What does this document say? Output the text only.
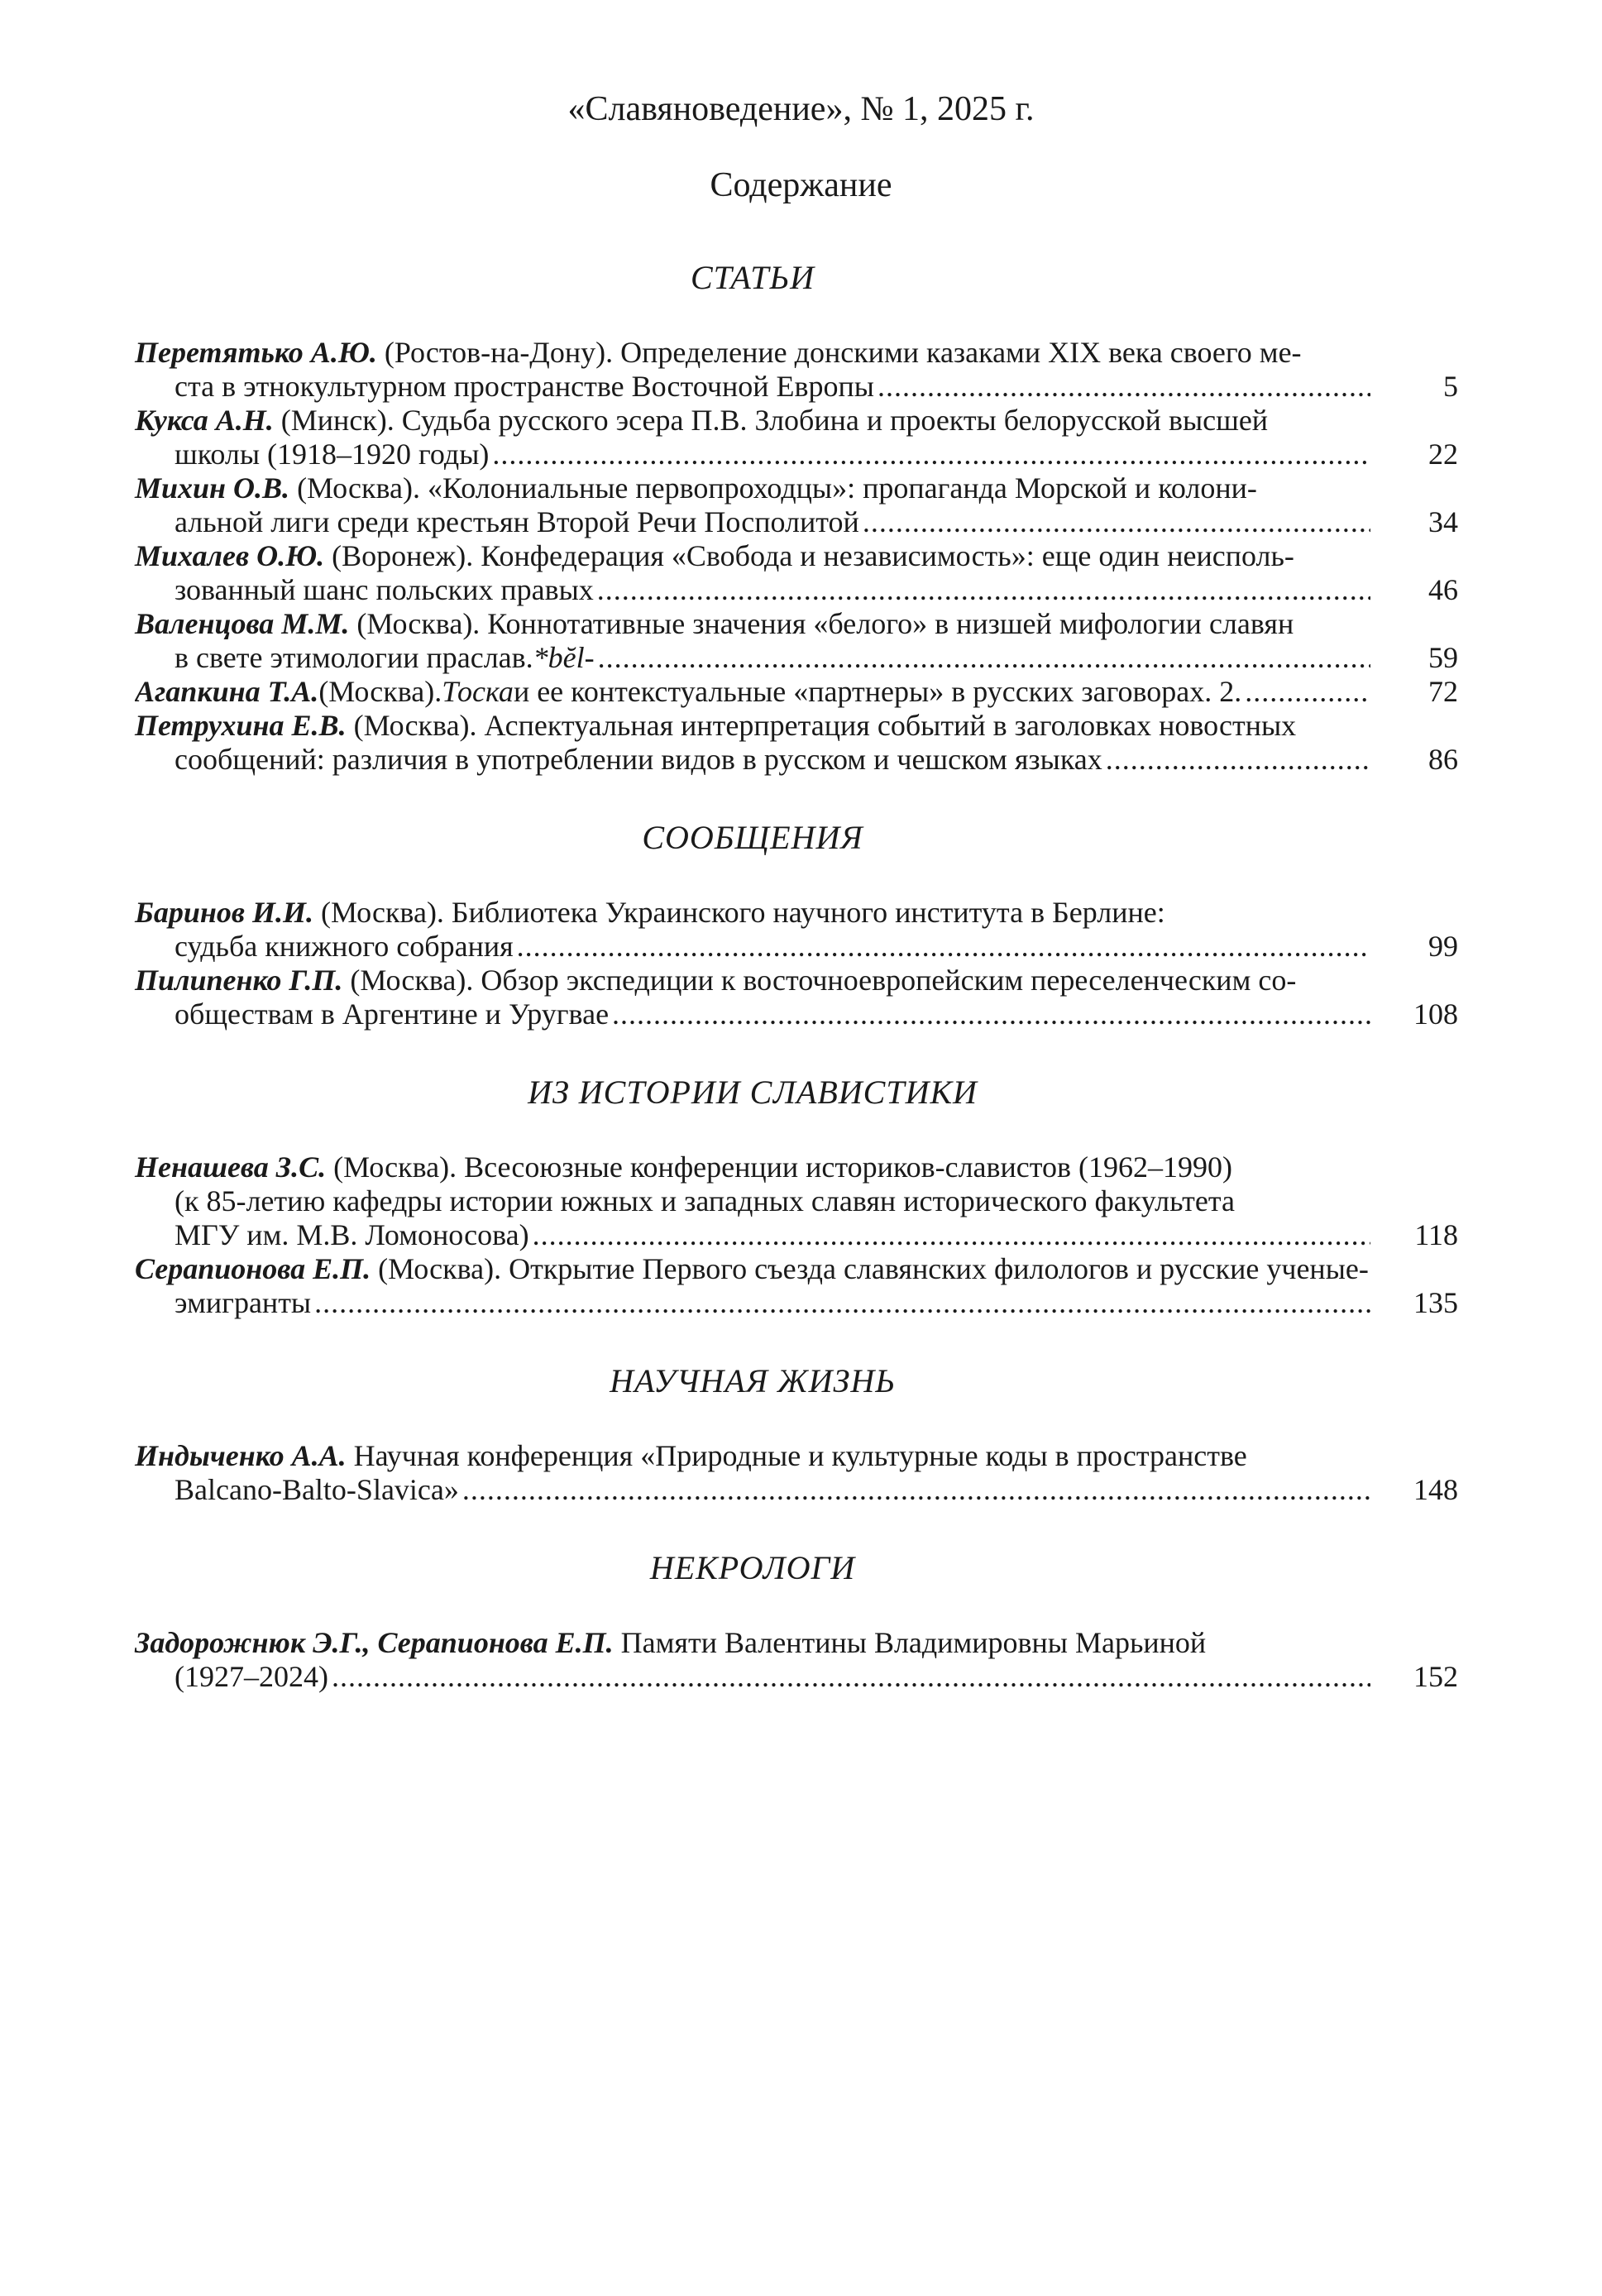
«Славяноведение», № 1, 2025 г.
Содержание
СТАТЬИ

Перетятько А.Ю. (Ростов-на-Дону). Определение донскими казаками XIX века своего ме-

ста в этнокультурном пространстве Восточной Европы . . .	5

Кукса А.Н. (Минск). Судьба русского эсера П.В. Злобина и проекты белорусской высшей

школы (1918–1920 годы) . . .	22

Михин О.В. (Москва). «Колониальные первопроходцы»: пропаганда Морской и колони-

альной лиги среди крестьян Второй Речи Посполитой . . .	34

Михалев О.Ю. (Воронеж). Конфедерация «Свобода и независимость»: еще один неисполь-

зованный шанс польских правых . . .	46

Валенцова М.М. (Москва). Коннотативные значения «белого» в низшей мифологии славян

в свете этимологии прaслав. *bĕl- . . .	59

Агапкина Т.А. (Москва). Тоска и ее контекстуальные «партнеры» в русских заговорах. 2. . . .	72

Петрухина Е.В. (Москва). Аспектуальная интерпретация событий в заголовках новостных

сообщений: различия в употреблении видов в русском и чешском языках . . .	86
СООБЩЕНИЯ

Баринов И.И. (Москва). Библиотека Украинского научного института в Берлине:

судьба книжного собрания . . .	99

Пилипенко Г.П. (Москва). Обзор экспедиции к восточноевропейским переселенческим со-

обществам в Аргентине и Уругвае . . .	108
ИЗ ИСТОРИИ СЛАВИСТИКИ

Ненашева З.С. (Москва). Всесоюзные конференции историков-славистов (1962–1990)

(к 85-летию кафедры истории южных и западных славян исторического факультета

МГУ им. М.В. Ломоносова) . . .	118

Серапионова Е.П. (Москва). Открытие Первого съезда славянских филологов и русские ученые-

эмигранты . . .	135
НАУЧНАЯ ЖИЗНЬ

Индыченко А.А. Научная конференция «Природные и культурные коды в пространстве

Balcano-Balto-Slavica» . . .	148
НЕКРОЛОГИ

Задорожнюк Э.Г., Серапионова Е.П. Памяти Валентины Владимировны Марьиной

(1927–2024) . . .	152
